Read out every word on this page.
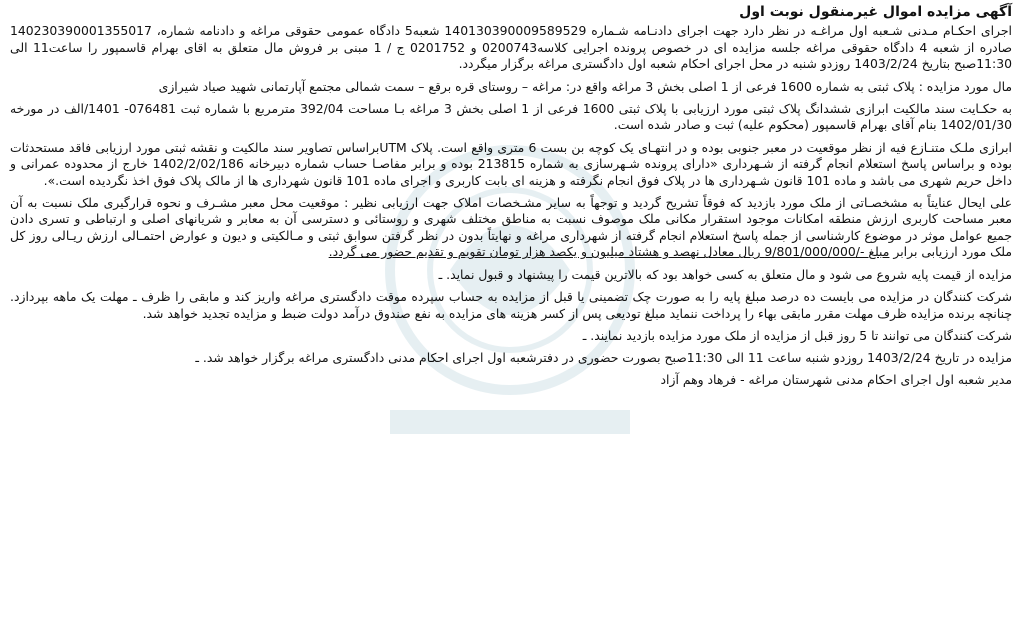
آگهی مزایده اموال غیرمنقول نوبت اول
اجرای احکـام مـدنی شـعبه اول مراغـه در نظر دارد جهت اجرای دادنـامه شـماره 140130390009589529 شعبه5 دادگاه عمومی حقوقی مراغه و دادنامه شماره، 140230390001355017 صادره از شعبه 4 دادگاه حقوقی مراغه جلسه مزایده ای در خصوص پرونده اجرایی کلاسه0200743 و 0201752 ج / 1 مبنی بر فروش مال متعلق به اقای بهرام قاسمپور را ساعت11 الی 11:30صبح بتاریخ 1403/2/24 روزدو شنبه در محل اجرای احکام شعبه اول دادگستری مراغه برگزار میگردد.
مال مورد مزایده : پلاک ثبتی به شماره 1600 فرعی از 1 اصلی بخش 3 مراغه واقع در: مراغه – روستای قره برقع – سمت شمالی مجتمع آپارتمانی شهید صیاد شیرازی
به حکـایت سند مالکیت ابرازی ششدانگ پلاک ثبتی مورد ارزیابی با پلاک ثبتی 1600 فرعی از 1 اصلی بخش 3 مراغه بـا مساحت 392/04 مترمربع با شماره ثبت 076481- 1401/الف در مورخه 1402/01/30 بنام آقای بهرام قاسمپور (محکوم علیه) ثبت و صادر شده است.
ابرازی ملـک متنـازع فیه از نظر موقعیت در معبر جنوبی بوده و در انتهـای یک کوچه بن بست 6 متری واقع است. پلاک UTMبراساس تصاویر سند مالکیت و نقشه ثبتی مورد ارزیابی فاقد مستحدثات بوده و براساس پاسخ استعلام انجام گرفته از شـهرداری «دارای پرونده شـهرسازی به شماره 213815 بوده و برابر مفاصـا حساب شماره دبیرخانه 1402/2/02/186 خارج از محدوده عمرانی و داخل حریم شهری می باشد و ماده 101 قانون شـهرداری ها در پلاک فوق انجام نگرفته و هزینه ای بابت کاربری و اجرای ماده 101 قانون شهرداری ها از مالک پلاک فوق اخذ نگردیده است.».
علی ایحال عنایتاً به مشخصـاتی از ملک مورد بازدید که فوقاً تشریح گردید و توجهاً به سایر مشـخصات املاک جهت ارزیابی نظیر : موقعیت محل معبر مشـرف و نحوه قرارگیری ملک نسبت به آن معبر مساحت کاربری ارزش منطقه امکانات موجود استقرار مکانی ملک موصوف نسبت به مناطق مختلف شهری و روستائی و دسترسی آن به معابر و شریانهای اصلی و ارتباطی و تسری دادن جمیع عوامل موثر در موضوع کارشناسی از جمله پاسخ استعلام انجام گرفته از شهرداری مراغه و نهایتاً بدون در نظر گرفتن سوابق ثبتی و مـالکیتی و دیون و عوارض احتمـالی ارزش ریـالی روز کل ملک مورد ارزیابی برابر مبلغ -/9/801/000/000 ریال معادل نهصد و هشتاد میلیون و یکصد هزار تومان تقویم و تقدیم حضور می گردد.
مزایده از قیمت پایه شروع می شود و مال متعلق به کسی خواهد بود که بالاترین قیمت را پیشنهاد و قبول نماید. ـ
شرکت کنندگان در مزایده می بایست ده درصد مبلغ پایه را به صورت چک تضمینی یا قبل از مزایده به حساب سپرده موقت دادگستری مراغه واریز کند و مابقی را ظرف ـ مهلت یک ماهه بپردازد. چنانچه برنده مزایده ظرف مهلت مقرر مابقی بهاء را پرداخت ننماید مبلغ تودیعی پس از کسر هزینه های مزایده به نفع صندوق درآمد دولت ضبط و مزایده تجدید خواهد شد.
شرکت کنندگان می توانند تا 5 روز قبل از مزایده از ملک مورد مزایده بازدید نمایند. ـ
مزایده در تاریخ 1403/2/24 روزدو شنبه ساعت 11 الی 11:30صبح بصورت حضوری در دفترشعبه اول اجرای احکام مدنی دادگستری مراغه برگزار خواهد شد. ـ
مدیر شعبه اول اجرای احکام مدنی شهرستان مراغه - فرهاد وهم آزاد
